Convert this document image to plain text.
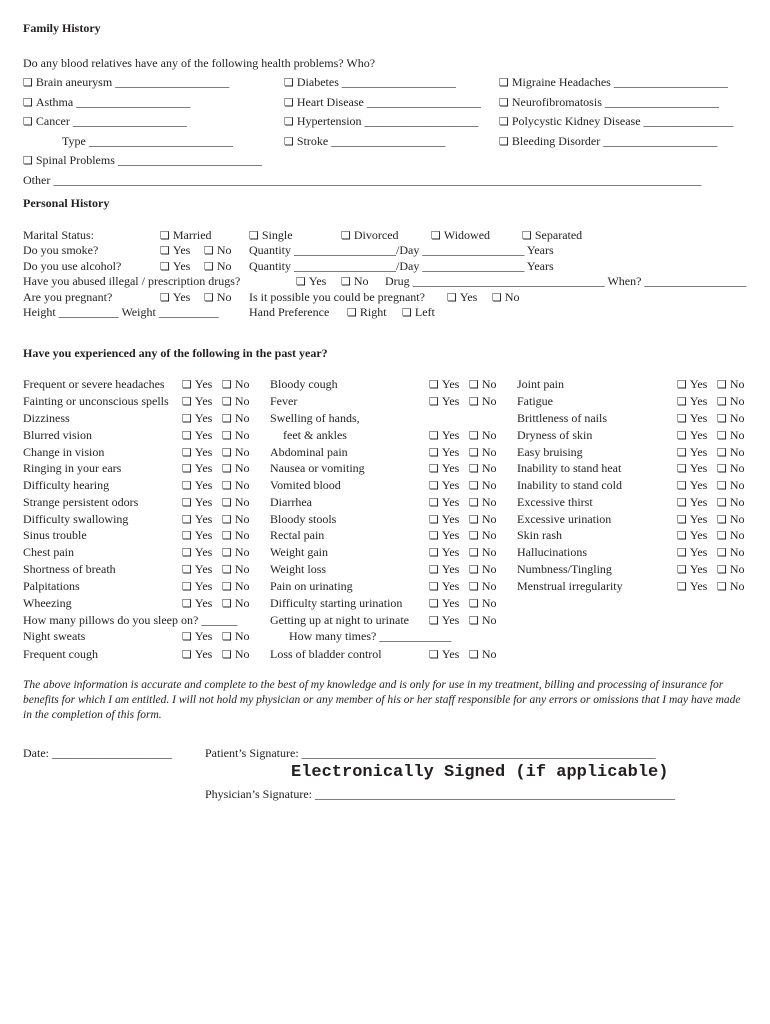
Family History
Do any blood relatives have any of the following health problems? Who?
❏ Brain aneurysm ___________________
❏ Asthma ___________________
❏ Cancer ___________________
Type ________________________
❏ Spinal Problems ________________________
❏ Diabetes ___________________
❏ Heart Disease ___________________
❏ Hypertension ___________________
❏ Stroke ___________________
❏ Migraine Headaches ___________________
❏ Neurofibromatosis ___________________
❏ Polycystic Kidney Disease _______________
❏ Bleeding Disorder ___________________
Other ____________________________________________________________________________________________________________
Personal History
Marital Status:	❏ Married	❏ Single	❏ Divorced	❏ Widowed	❏ Separated
Do you smoke?	❏ Yes	❏ No Quantity _________________/Day _________________ Years
Do you use alcohol?	❏ Yes	❏ No Quantity _________________/Day _________________ Years
Have you abused illegal / prescription drugs?	❏ Yes	❏ No Drug ________________________________ When? _________________
Are you pregnant?	❏ Yes	❏ No Is it possible you could be pregnant?	❏ Yes	❏ No
Height __________ Weight __________	Hand Preference	❏ Right	❏ Left
Have you experienced any of the following in the past year?
Frequent or severe headaches	❏ Yes	❏ No
Fainting or unconscious spells	❏ Yes	❏ No
Dizziness	❏ Yes	❏ No
Blurred vision	❏ Yes	❏ No
Change in vision	❏ Yes	❏ No
Ringing in your ears	❏ Yes	❏ No
Difficulty hearing	❏ Yes	❏ No
Strange persistent odors	❏ Yes	❏ No
Difficulty swallowing	❏ Yes	❏ No
Sinus trouble	❏ Yes	❏ No
Chest pain	❏ Yes	❏ No
Shortness of breath	❏ Yes	❏ No
Palpitations	❏ Yes	❏ No
Wheezing	❏ Yes	❏ No
How many pillows do you sleep on? ______
Night sweats	❏ Yes	❏ No
Frequent cough	❏ Yes	❏ No
Bloody cough	❏ Yes	❏ No
Fever	❏ Yes	❏ No
Swelling of hands,
feet & ankles	❏ Yes	❏ No
Abdominal pain	❏ Yes	❏ No
Nausea or vomiting	❏ Yes	❏ No
Vomited blood	❏ Yes	❏ No
Diarrhea	❏ Yes	❏ No
Bloody stools	❏ Yes	❏ No
Rectal pain	❏ Yes	❏ No
Weight gain	❏ Yes	❏ No
Weight loss	❏ Yes	❏ No
Pain on urinating	❏ Yes	❏ No
Difficulty starting urination	❏ Yes	❏ No
Getting up at night to urinate	❏ Yes	❏ No
How many times? ____________
Loss of bladder control	❏ Yes	❏ No
Joint pain	❏ Yes	❏ No
Fatigue	❏ Yes	❏ No
Brittleness of nails	❏ Yes	❏ No
Dryness of skin	❏ Yes	❏ No
Easy bruising	❏ Yes	❏ No
Inability to stand heat	❏ Yes	❏ No
Inability to stand cold	❏ Yes	❏ No
Excessive thirst	❏ Yes	❏ No
Excessive urination	❏ Yes	❏ No
Skin rash	❏ Yes	❏ No
Hallucinations	❏ Yes	❏ No
Numbness/Tingling	❏ Yes	❏ No
Menstrual irregularity	❏ Yes	❏ No
The above information is accurate and complete to the best of my knowledge and is only for use in my treatment, billing and processing of insurance for benefits for which I am entitled. I will not hold my physician or any member of his or her staff responsible for any errors or omissions that I may have made in the completion of this form.
Date: ____________________	Patient’s Signature: ___________________________________________________________
Electronically Signed (if applicable)
Physician’s Signature: ____________________________________________________________
